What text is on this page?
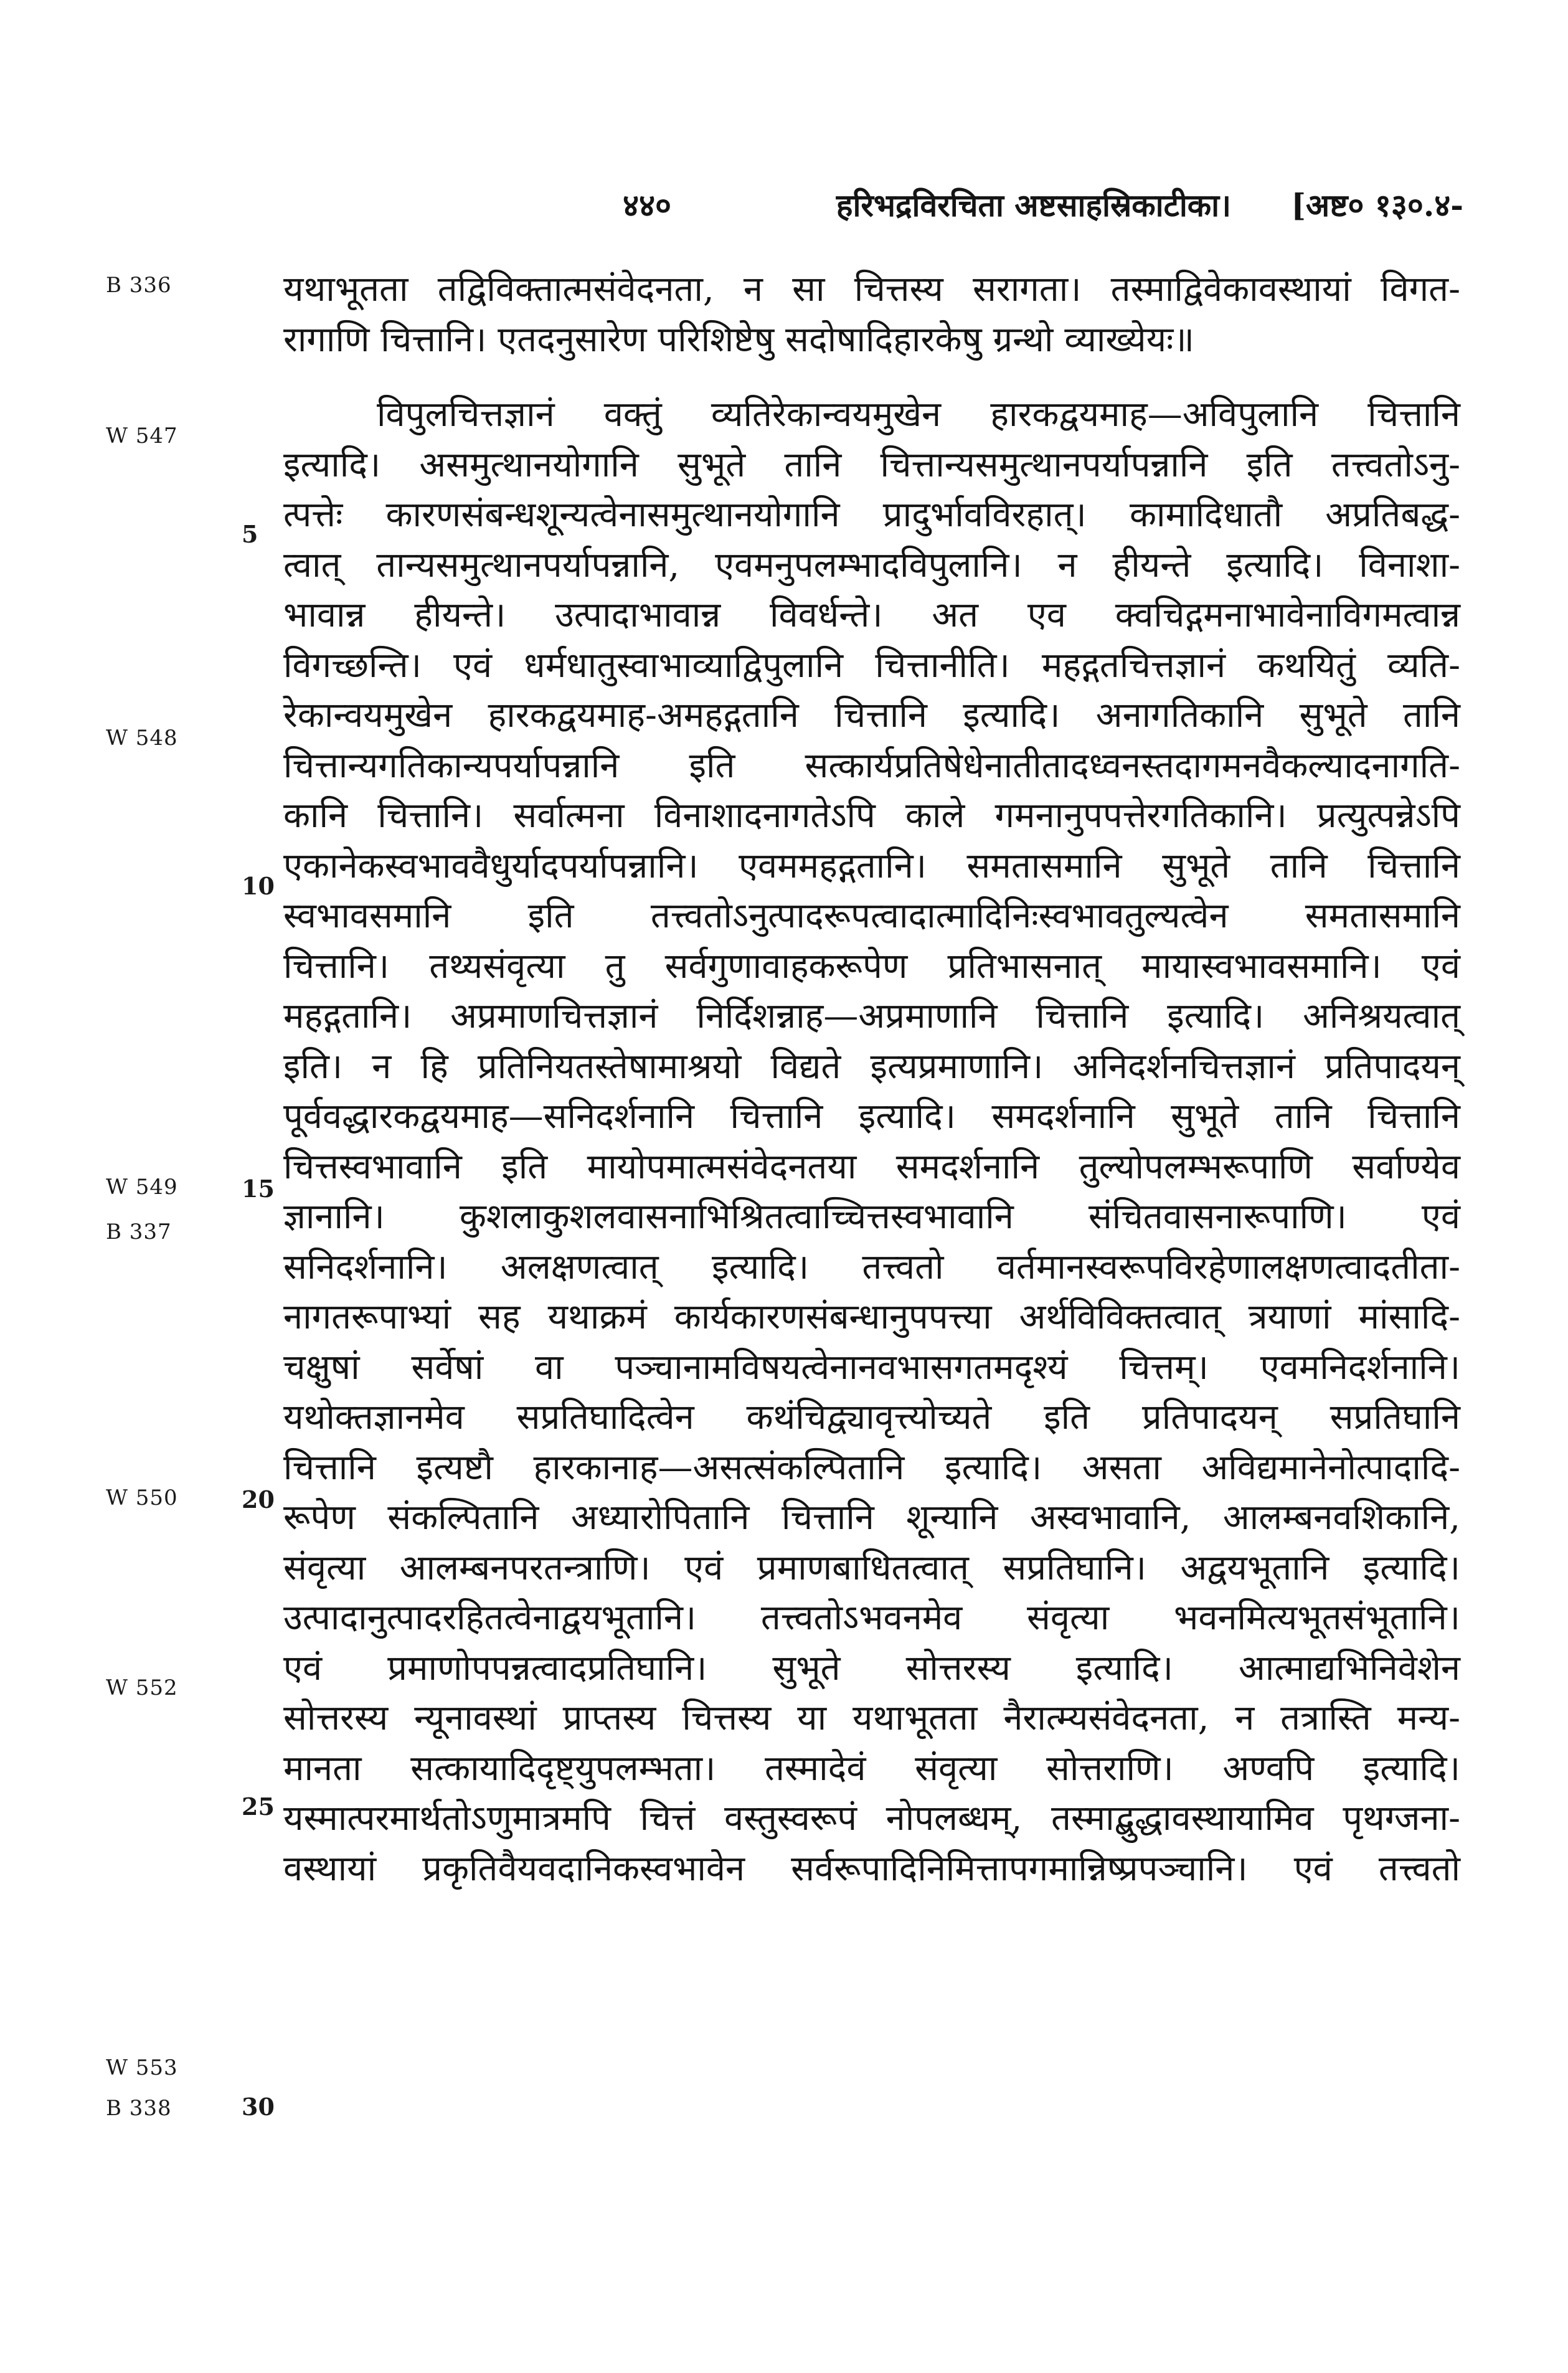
४४०	हरिभद्रविरचिता अष्टसाहस्रिकाटीका।	[अष्ट० १३०.४-
B 336
W 547
W 548
W 549
B 337
W 550
W 552
W 553
B 338
5
10
15
20
25
30

यथाभूतता तद्विविक्तात्मसंवेदनता, न सा चित्तस्य सरागता। तस्माद्विवेकावस्थायां विगत-

रागाणि चित्तानि। एतदनुसारेण परिशिष्टेषु सदोषादिहारकेषु ग्रन्थो व्याख्येयः॥

विपुलचित्तज्ञानं वक्तुं व्यतिरेकान्वयमुखेन हारकद्वयमाह—अविपुलानि चित्तानि

इत्यादि। असमुत्थानयोगानि सुभूते तानि चित्तान्यसमुत्थानपर्यापन्नानि इति तत्त्वतोऽनु-

त्पत्तेः कारणसंबन्धशून्यत्वेनासमुत्थानयोगानि प्रादुर्भावविरहात्। कामादिधातौ अप्रतिबद्ध-

त्वात् तान्यसमुत्थानपर्यापन्नानि, एवमनुपलम्भादविपुलानि। न हीयन्ते इत्यादि। विनाशा-

भावान्न हीयन्ते। उत्पादाभावान्न विवर्धन्ते। अत एव क्वचिद्गमनाभावेनाविगमत्वान्न

विगच्छन्ति। एवं धर्मधातुस्वाभाव्याद्विपुलानि चित्तानीति। महद्गतचित्तज्ञानं कथयितुं व्यति-

रेकान्वयमुखेन हारकद्वयमाह-अमहद्गतानि चित्तानि इत्यादि। अनागतिकानि सुभूते तानि

चित्तान्यगतिकान्यपर्यापन्नानि इति सत्कार्यप्रतिषेधेनातीतादध्वनस्तदागमनवैकल्यादनागति-

कानि चित्तानि। सर्वात्मना विनाशादनागतेऽपि काले गमनानुपपत्तेरगतिकानि। प्रत्युत्पन्नेऽपि

एकानेकस्वभाववैधुर्यादपर्यापन्नानि। एवममहद्गतानि। समतासमानि सुभूते तानि चित्तानि

स्वभावसमानि इति तत्त्वतोऽनुत्पादरूपत्वादात्मादिनिःस्वभावतुल्यत्वेन समतासमानि

चित्तानि। तथ्यसंवृत्या तु सर्वगुणावाहकरूपेण प्रतिभासनात् मायास्वभावसमानि। एवं

महद्गतानि। अप्रमाणचित्तज्ञानं निर्दिशन्नाह—अप्रमाणानि चित्तानि इत्यादि। अनिश्रयत्वात्

इति। न हि प्रतिनियतस्तेषामाश्रयो विद्यते इत्यप्रमाणानि। अनिदर्शनचित्तज्ञानं प्रतिपादयन्

पूर्ववद्धारकद्वयमाह—सनिदर्शनानि चित्तानि इत्यादि। समदर्शनानि सुभूते तानि चित्तानि

चित्तस्वभावानि इति मायोपमात्मसंवेदनतया समदर्शनानि तुल्योपलम्भरूपाणि सर्वाण्येव

ज्ञानानि। कुशलाकुशलवासनाभिश्रितत्वाच्चित्तस्वभावानि संचितवासनारूपाणि। एवं

सनिदर्शनानि। अलक्षणत्वात् इत्यादि। तत्त्वतो वर्तमानस्वरूपविरहेणालक्षणत्वादतीता-

नागतरूपाभ्यां सह यथाक्रमं कार्यकारणसंबन्धानुपपत्त्या अर्थविविक्तत्वात् त्रयाणां मांसादि-

चक्षुषां सर्वेषां वा पञ्चानामविषयत्वेनानवभासगतमदृश्यं चित्तम्। एवमनिदर्शनानि।

यथोक्तज्ञानमेव सप्रतिघादित्वेन कथंचिद्व्यावृत्त्योच्यते इति प्रतिपादयन् सप्रतिघानि

चित्तानि इत्यष्टौ हारकानाह—असत्संकल्पितानि इत्यादि। असता अविद्यमानेनोत्पादादि-

रूपेण संकल्पितानि अध्यारोपितानि चित्तानि शून्यानि अस्वभावानि, आलम्बनवशिकानि,

संवृत्या आलम्बनपरतन्त्राणि। एवं प्रमाणबाधितत्वात् सप्रतिघानि। अद्वयभूतानि इत्यादि।

उत्पादानुत्पादरहितत्वेनाद्वयभूतानि। तत्त्वतोऽभवनमेव संवृत्या भवनमित्यभूतसंभूतानि।

एवं प्रमाणोपपन्नत्वादप्रतिघानि। सुभूते सोत्तरस्य इत्यादि। आत्माद्यभिनिवेशेन

सोत्तरस्य न्यूनावस्थां प्राप्तस्य चित्तस्य या यथाभूतता नैरात्म्यसंवेदनता, न तत्रास्ति मन्य-

मानता सत्कायादिदृष्ट्युपलम्भता। तस्मादेवं संवृत्या सोत्तराणि। अण्वपि इत्यादि।

यस्मात्परमार्थतोऽणुमात्रमपि चित्तं वस्तुस्वरूपं नोपलब्धम्, तस्माद्बुद्धावस्थायामिव पृथग्जना-

वस्थायां प्रकृतिवैयवदानिकस्वभावेन सर्वरूपादिनिमित्तापगमान्निष्प्रपञ्चानि। एवं तत्त्वतो
